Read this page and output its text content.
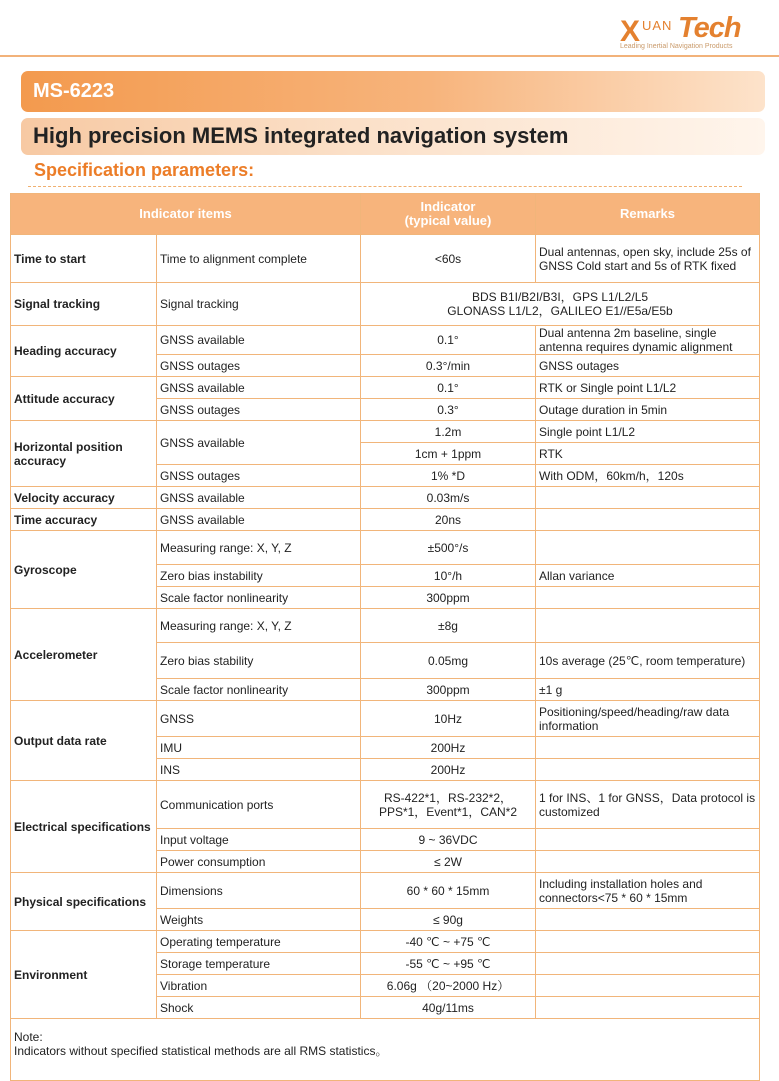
X UAN Tech
Leading Inertial Navigation Products
MS-6223
High precision MEMS integrated navigation system
Specification parameters:
Indicator items		Indicator
(typical value)	Remarks
Time to start	Time to alignment complete	<60s	Dual antennas, open sky, include 25s of GNSS Cold start and 5s of RTK fixed
Signal tracking	Signal tracking	BDS B1I/B2I/B3I，GPS L1/L2/L5
GLONASS L1/L2，GALILEO E1//E5a/E5b	
Heading accuracy	GNSS available	0.1°	Dual antenna 2m baseline, single antenna requires dynamic alignment
	GNSS outages	0.3°/min	GNSS outages
Attitude accuracy	GNSS available	0.1°	RTK or Single point L1/L2
	GNSS outages	0.3°	Outage duration in 5min
Horizontal position accuracy	GNSS available	1.2m	Single point L1/L2
		1cm + 1ppm	RTK
	GNSS outages	1% *D	With ODM，60km/h，120s
Velocity accuracy	GNSS available	0.03m/s	
Time accuracy	GNSS available	20ns	
Gyroscope	Measuring range: X, Y, Z	±500°/s	
	Zero bias instability	10°/h	Allan variance
	Scale factor nonlinearity	300ppm	
Accelerometer	Measuring range: X, Y, Z	±8g	
	Zero bias stability	0.05mg	10s average (25℃, room temperature)
	Scale factor nonlinearity	300ppm	±1 g
Output data rate	GNSS	10Hz	Positioning/speed/heading/raw data information
	IMU	200Hz	
	INS	200Hz	
Electrical specifications	Communication ports	RS-422*1，RS-232*2，PPS*1，Event*1，CAN*2	1 for INS、1 for GNSS，Data protocol is customized
	Input voltage	9 ~ 36VDC	
	Power consumption	≤ 2W	
Physical specifications	Dimensions	60 * 60 * 15mm	Including installation holes and connectors<75 * 60 * 15mm
	Weights	≤ 90g	
Environment	Operating temperature	-40 ℃ ~ +75 ℃	
	Storage temperature	-55 ℃ ~ +95 ℃	
	Vibration	6.06g （20~2000 Hz）	
	Shock	40g/11ms	
Note:
Indicators without specified statistical methods are all RMS statistics。			
